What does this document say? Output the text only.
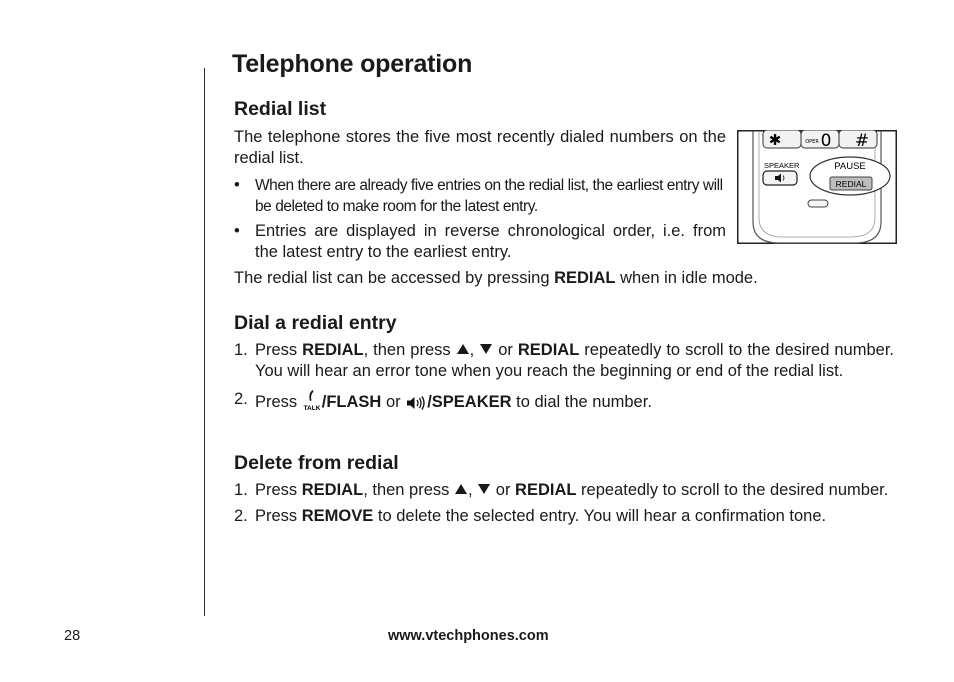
Telephone operation
Redial list

The telephone stores the five most recently dialed numbers on the redial list.

• When there are already five entries on the redial list, the earliest entry will be deleted to make room for the latest entry.
• Entries are displayed in reverse chronological order, i.e. from the latest entry to the earliest entry.

The redial list can be accessed by pressing REDIAL when in idle mode.

✱	OPER 0 #
SPEAKER	PAUSE
REDIAL
Dial a redial entry
1. Press REDIAL, then press ,  or REDIAL repeatedly to scroll to the desired number. You will hear an error tone when you reach the beginning or end of the redial list.
2. Press TALK /FLASH or /SPEAKER to dial the number.
Delete from redial
1. Press REDIAL, then press ,  or REDIAL repeatedly to scroll to the desired number.
2. Press REMOVE to delete the selected entry. You will hear a confirmation tone.
28	www.vtechphones.com
